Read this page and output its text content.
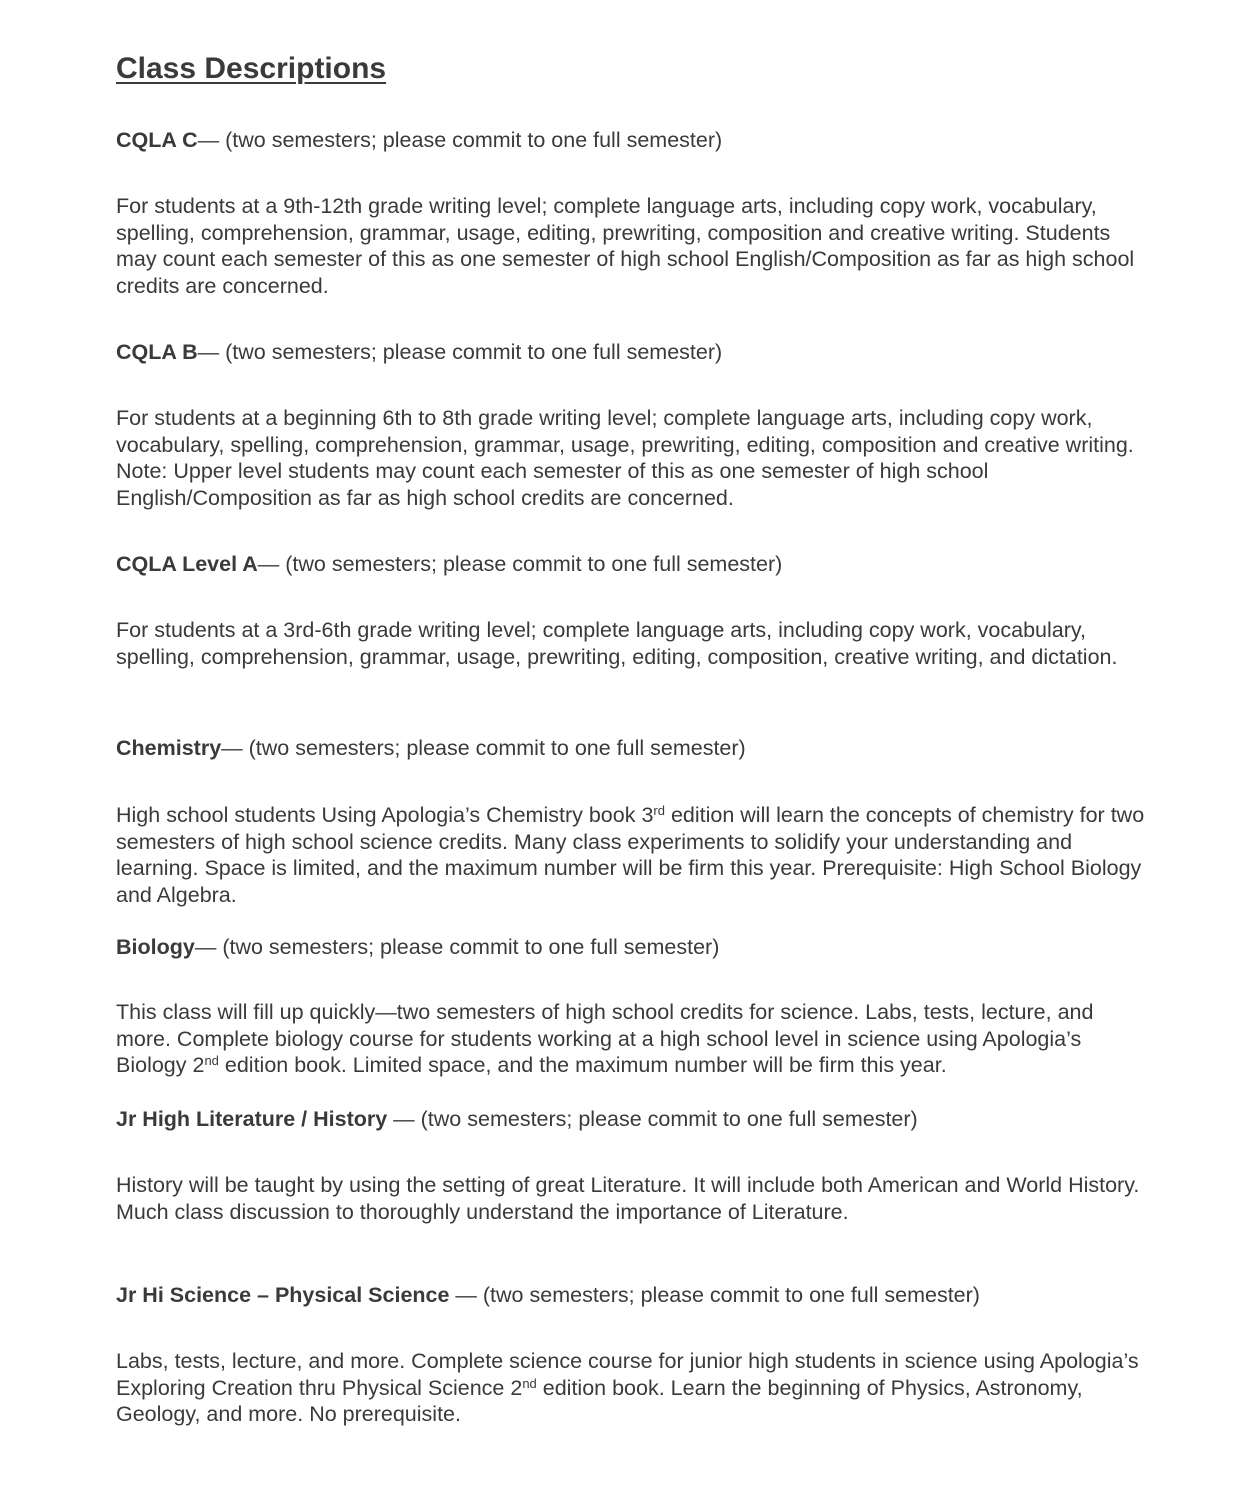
Class Descriptions

CQLA C— (two semesters; please commit to one full semester)

For students at a 9th-12th grade writing level; complete language arts, including copy work, vocabulary, spelling, comprehension, grammar, usage, editing, prewriting, composition and creative writing. Students may count each semester of this as one semester of high school English/Composition as far as high school credits are concerned.

CQLA B— (two semesters; please commit to one full semester)

For students at a beginning 6th to 8th grade writing level; complete language arts, including copy work, vocabulary, spelling, comprehension, grammar, usage, prewriting, editing, composition and creative writing. Note: Upper level students may count each semester of this as one semester of high school English/Composition as far as high school credits are concerned.

CQLA Level A— (two semesters; please commit to one full semester)

For students at a 3rd-6th grade writing level; complete language arts, including copy work, vocabulary, spelling, comprehension, grammar, usage, prewriting, editing, composition, creative writing, and dictation.

Chemistry— (two semesters; please commit to one full semester)

High school students Using Apologia’s Chemistry book 3rd edition will learn the concepts of chemistry for two semesters of high school science credits. Many class experiments to solidify your understanding and learning. Space is limited, and the maximum number will be firm this year. Prerequisite: High School Biology and Algebra.

Biology— (two semesters; please commit to one full semester)

This class will fill up quickly—two semesters of high school credits for science. Labs, tests, lecture, and more. Complete biology course for students working at a high school level in science using Apologia’s Biology 2nd edition book. Limited space, and the maximum number will be firm this year.

Jr High Literature / History — (two semesters; please commit to one full semester)

History will be taught by using the setting of great Literature. It will include both American and World History. Much class discussion to thoroughly understand the importance of Literature.

Jr Hi Science – Physical Science — (two semesters; please commit to one full semester)

Labs, tests, lecture, and more. Complete science course for junior high students in science using Apologia’s Exploring Creation thru Physical Science 2nd edition book. Learn the beginning of Physics, Astronomy, Geology, and more. No prerequisite.
